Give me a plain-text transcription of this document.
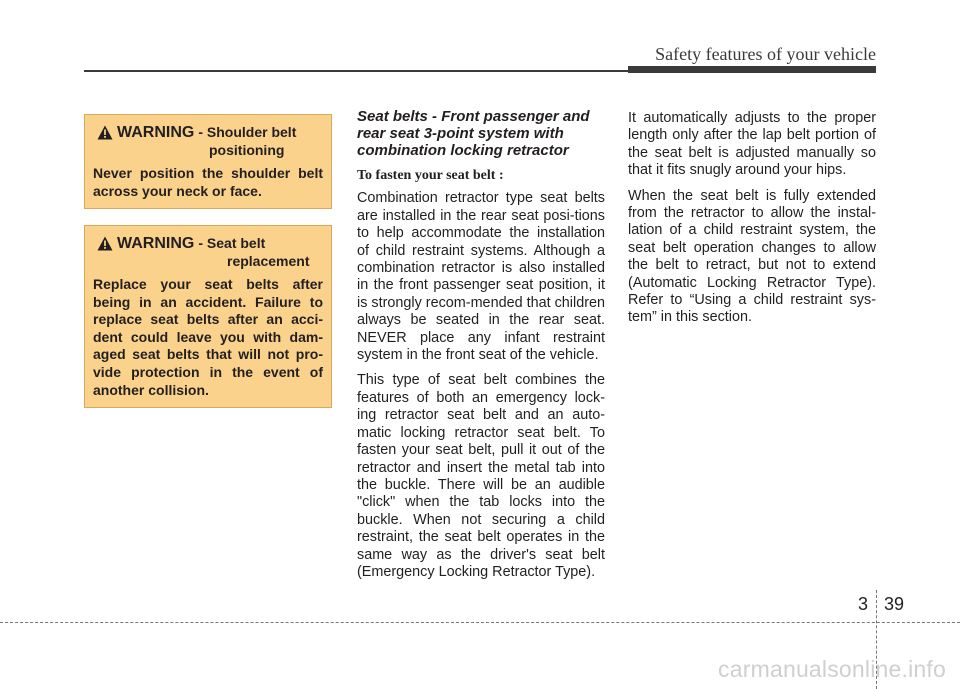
Safety features of your vehicle
WARNING - Shoulder belt
positioning
Never position the shoulder belt across your neck or face.
WARNING - Seat belt
replacement
Replace your seat belts after being in an accident. Failure to replace seat belts after an acci-dent could leave you with dam-aged seat belts that will not pro-vide protection in the event of another collision.
Seat belts - Front passenger and rear seat 3-point system with combination locking retractor
To fasten your seat belt :

Combination retractor type seat belts are installed in the rear seat posi-tions to help accommodate the installation of child restraint systems. Although a combination retractor is also installed in the front passenger seat position, it is strongly recom-mended that children always be seated in the rear seat. NEVER place any infant restraint system in the front seat of the vehicle.

This type of seat belt combines the features of both an emergency lock-ing retractor seat belt and an auto-matic locking retractor seat belt. To fasten your seat belt, pull it out of the retractor and insert the metal tab into the buckle. There will be an audible "click" when the tab locks into the buckle. When not securing a child restraint, the seat belt operates in the same way as the driver's seat belt (Emergency Locking Retractor Type).

It automatically adjusts to the proper length only after the lap belt portion of the seat belt is adjusted manually so that it fits snugly around your hips.

When the seat belt is fully extended from the retractor to allow the instal-lation of a child restraint system, the seat belt operation changes to allow the belt to retract, but not to extend (Automatic Locking Retractor Type). Refer to “Using a child restraint sys-tem” in this section.

3 39
carmanualsonline.info
